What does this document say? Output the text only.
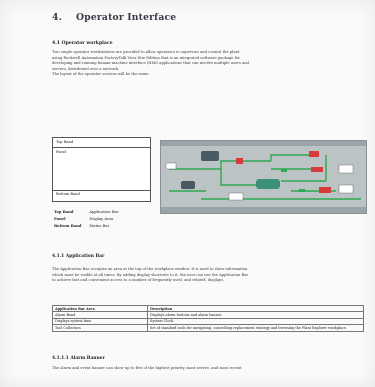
4. Operator Interface
4.1 Operator workplace
Two single operator workstations are provided to allow operators to supervise and control the plant
using Rockwell Automation FactoryTalk View Site Edition that is an integrated software package for
developing and running human-machine interface (HMI) applications that can involve multiple users and
servers, distributed over a network.
The layout of the operator screens will be the same:
Top Band
Panel
Bottom Band
Top Band	Application Bar
Panel	Display Area
Bottom Band	Status Bar
4.1.1 Application Bar
The Application Bar occupies an area at the top of the workplace window. It is used to show information
which must be visible at all times. By adding display shortcuts to it, the user can use the Application Bar
to achieve fast and convenient access to a number of frequently used, and related, displays.
Application Bar Area	Description
Alarm Band	Displays alarm buttons and alarm banner.
Displays system time	System Clock
Tool Collection	Set of standard tools for navigating, controlling replacement strategy and browsing the Plant Explorer workplace.
4.1.1.1 Alarm Banner
The alarm and event banner can show up to five of the highest priority, most severe, and most recent
